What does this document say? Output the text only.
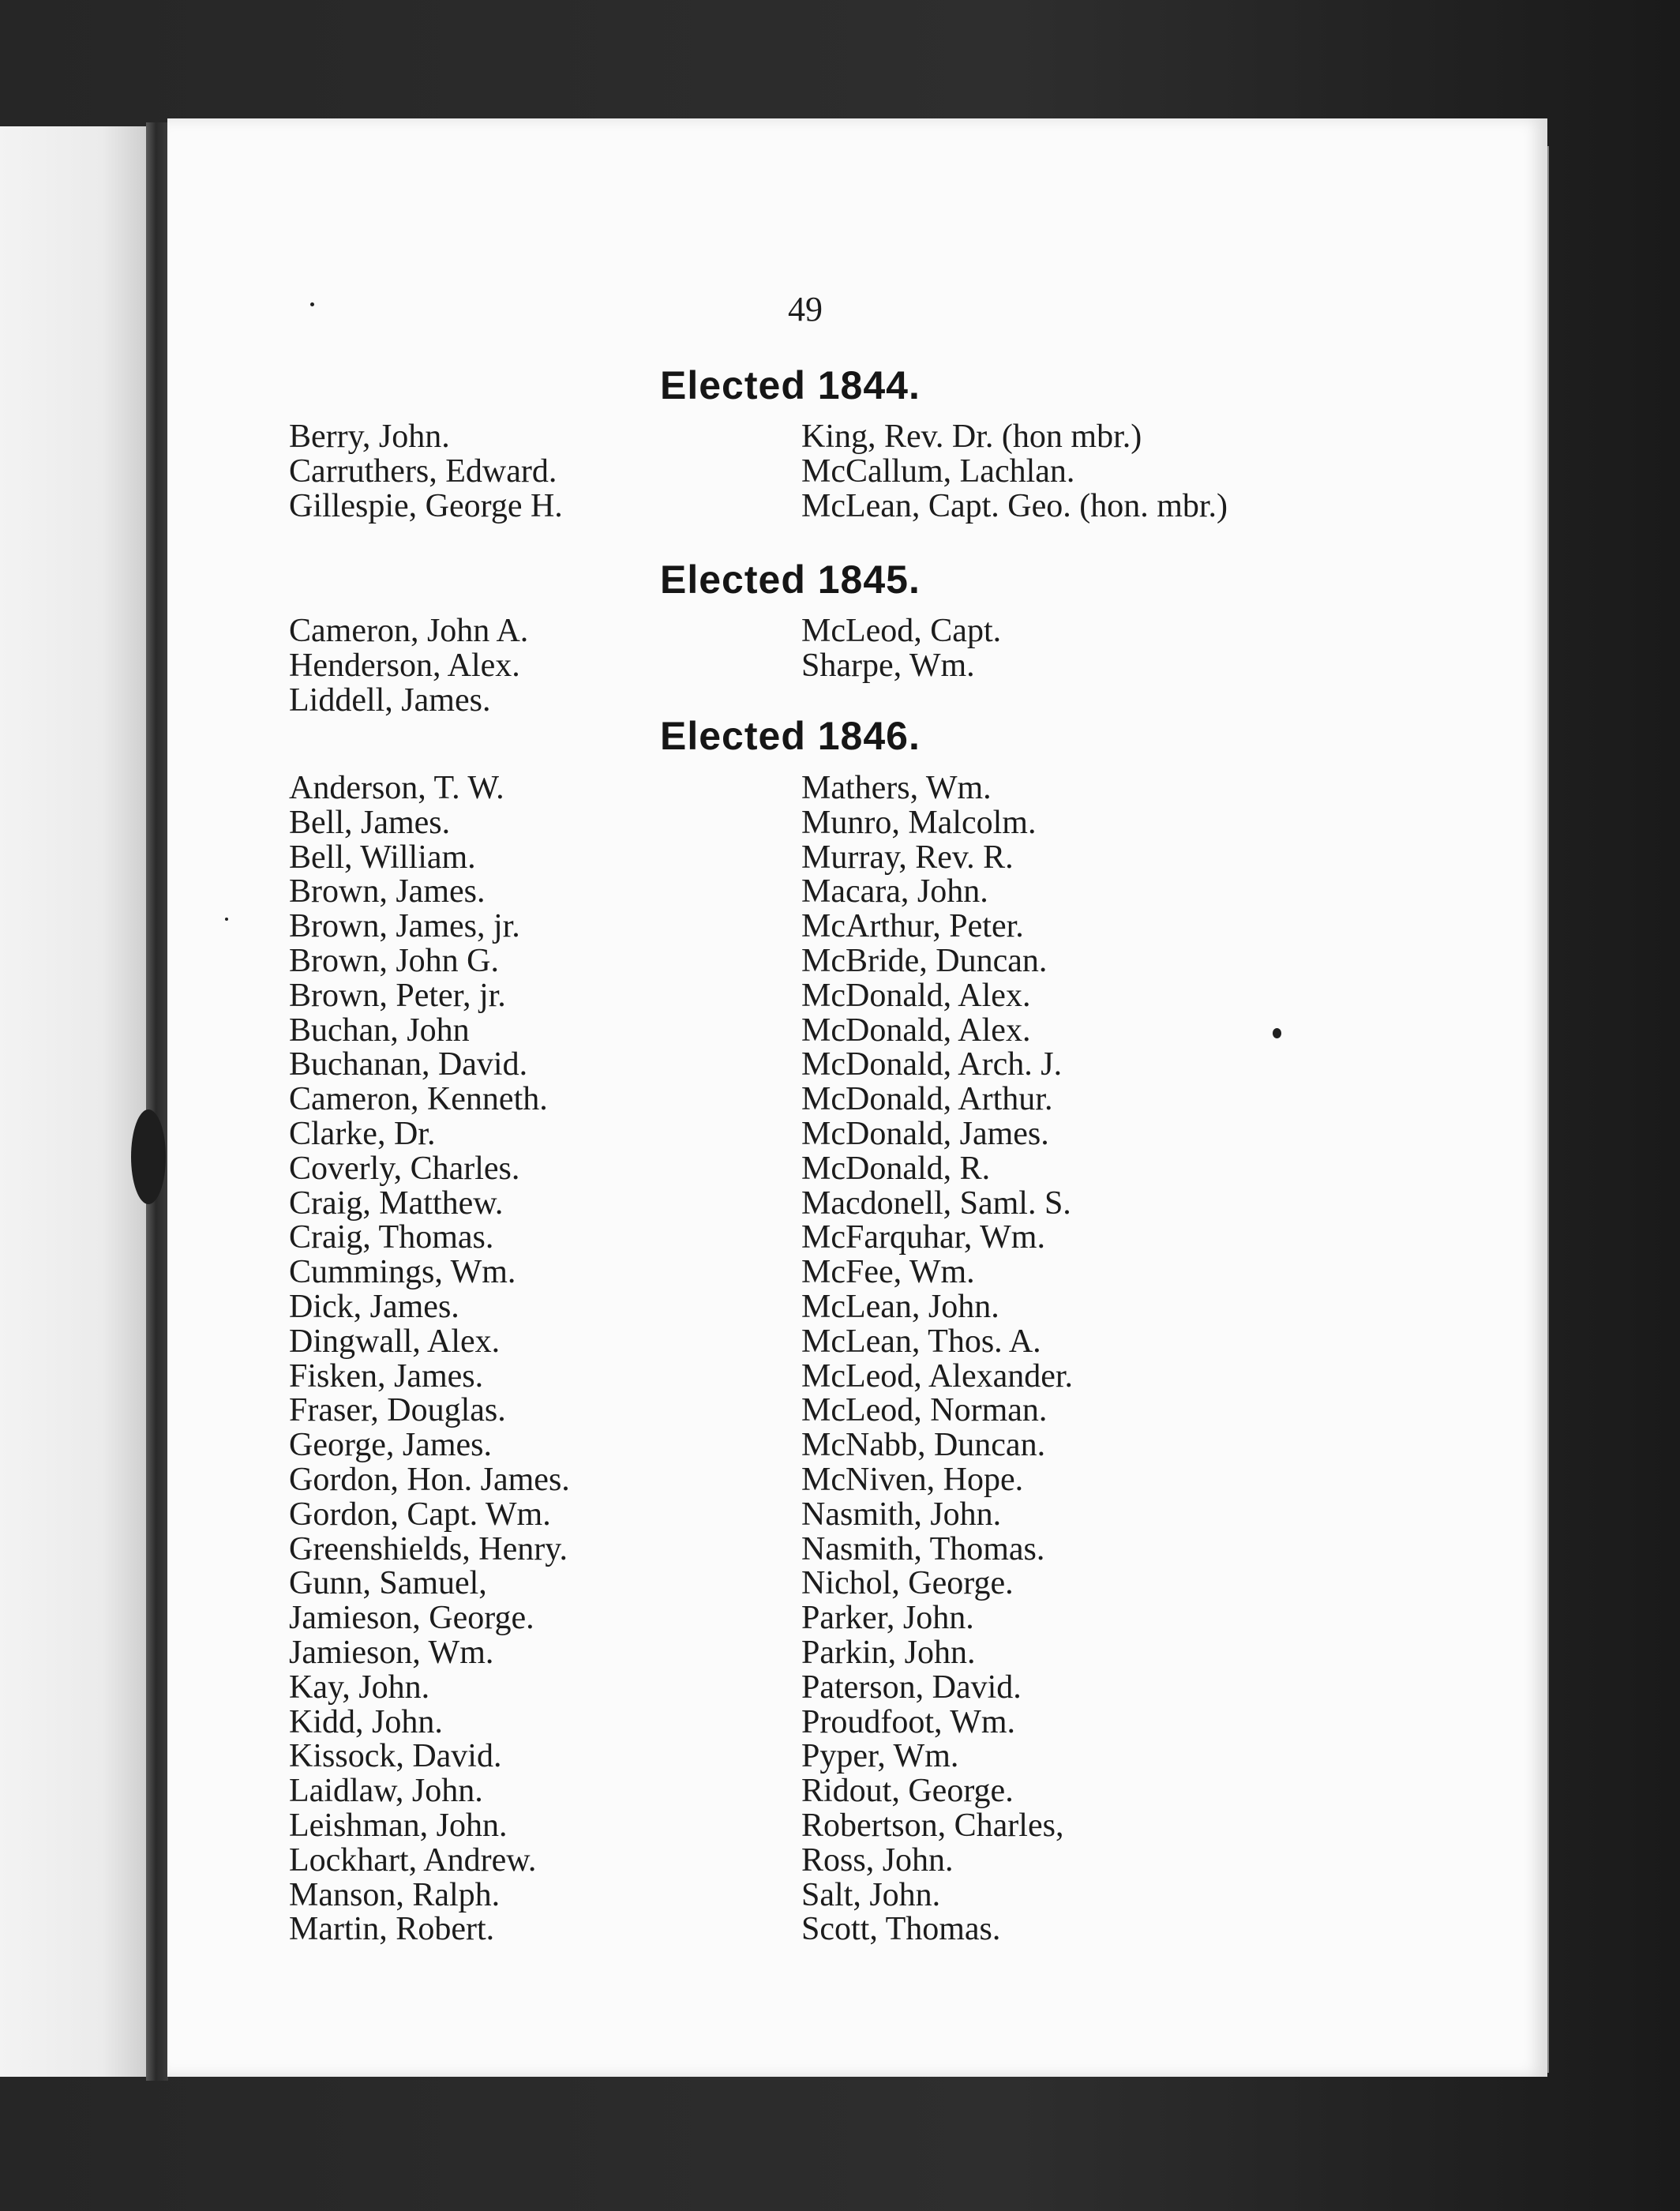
49

Elected 1844.
Berry, John.
Carruthers, Edward.
Gillespie, George H.
King, Rev. Dr. (hon mbr.)
McCallum, Lachlan.
McLean, Capt. Geo. (hon. mbr.)
Elected 1845.
Cameron, John A.
Henderson, Alex.
Liddell, James.
McLeod, Capt.
Sharpe, Wm.
Elected 1846.
Anderson, T. W.
Bell, James.
Bell, William.
Brown, James.
Brown, James, jr.
Brown, John G.
Brown, Peter, jr.
Buchan, John
Buchanan, David.
Cameron, Kenneth.
Clarke, Dr.
Coverly, Charles.
Craig, Matthew.
Craig, Thomas.
Cummings, Wm.
Dick, James.
Dingwall, Alex.
Fisken, James.
Fraser, Douglas.
George, James.
Gordon, Hon. James.
Gordon, Capt. Wm.
Greenshields, Henry.
Gunn, Samuel,
Jamieson, George.
Jamieson, Wm.
Kay, John.
Kidd, John.
Kissock, David.
Laidlaw, John.
Leishman, John.
Lockhart, Andrew.
Manson, Ralph.
Martin, Robert.
Mathers, Wm.
Munro, Malcolm.
Murray, Rev. R.
Macara, John.
McArthur, Peter.
McBride, Duncan.
McDonald, Alex.
McDonald, Alex.
McDonald, Arch. J.
McDonald, Arthur.
McDonald, James.
McDonald, R.
Macdonell, Saml. S.
McFarquhar, Wm.
McFee, Wm.
McLean, John.
McLean, Thos. A.
McLeod, Alexander.
McLeod, Norman.
McNabb, Duncan.
McNiven, Hope.
Nasmith, John.
Nasmith, Thomas.
Nichol, George.
Parker, John.
Parkin, John.
Paterson, David.
Proudfoot, Wm.
Pyper, Wm.
Ridout, George.
Robertson, Charles,
Ross, John.
Salt, John.
Scott, Thomas.
